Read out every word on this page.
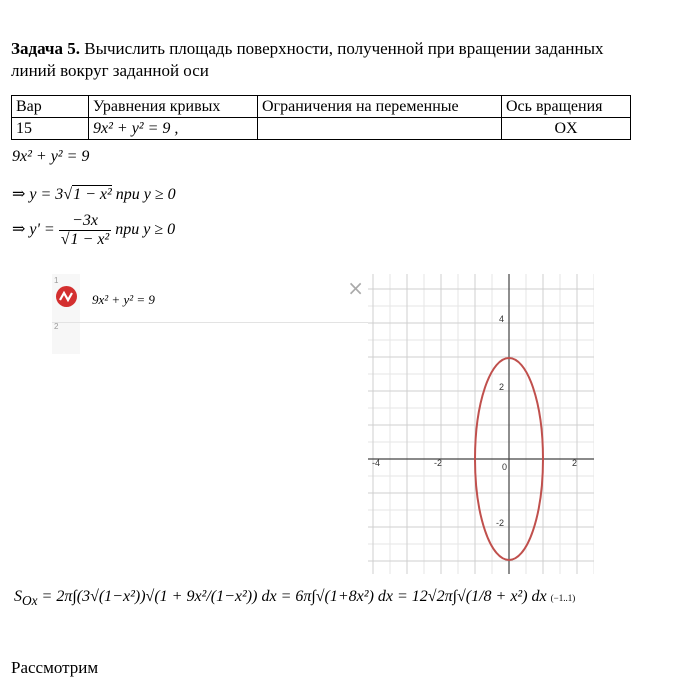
Задача 5. Вычислить площадь поверхности, полученной при вращении заданных линий вокруг заданной оси
Вар	Уравнения кривых	Ограничения на переменные	Ось вращения
15	9x² + y² = 9 ,		OX
9x² + y² = 9
⇒ y = 3√1 − x² при y ≥ 0
⇒ $y' = \frac{-3x}{\text{√1 − x²}}$ при y ≥ 0
1
2
9x² + y² = 9	×
-4	-2	0	2
4
2
-2
$S_{Ox} = 2\pi\int(3√(1-x^2))√(1 + 9x^2/(1-x^2))$ dx = 6π∫√(1+8x²) dx = 12√2π∫√(1/8 + x²) dx (−1..1)
Рассмотрим
